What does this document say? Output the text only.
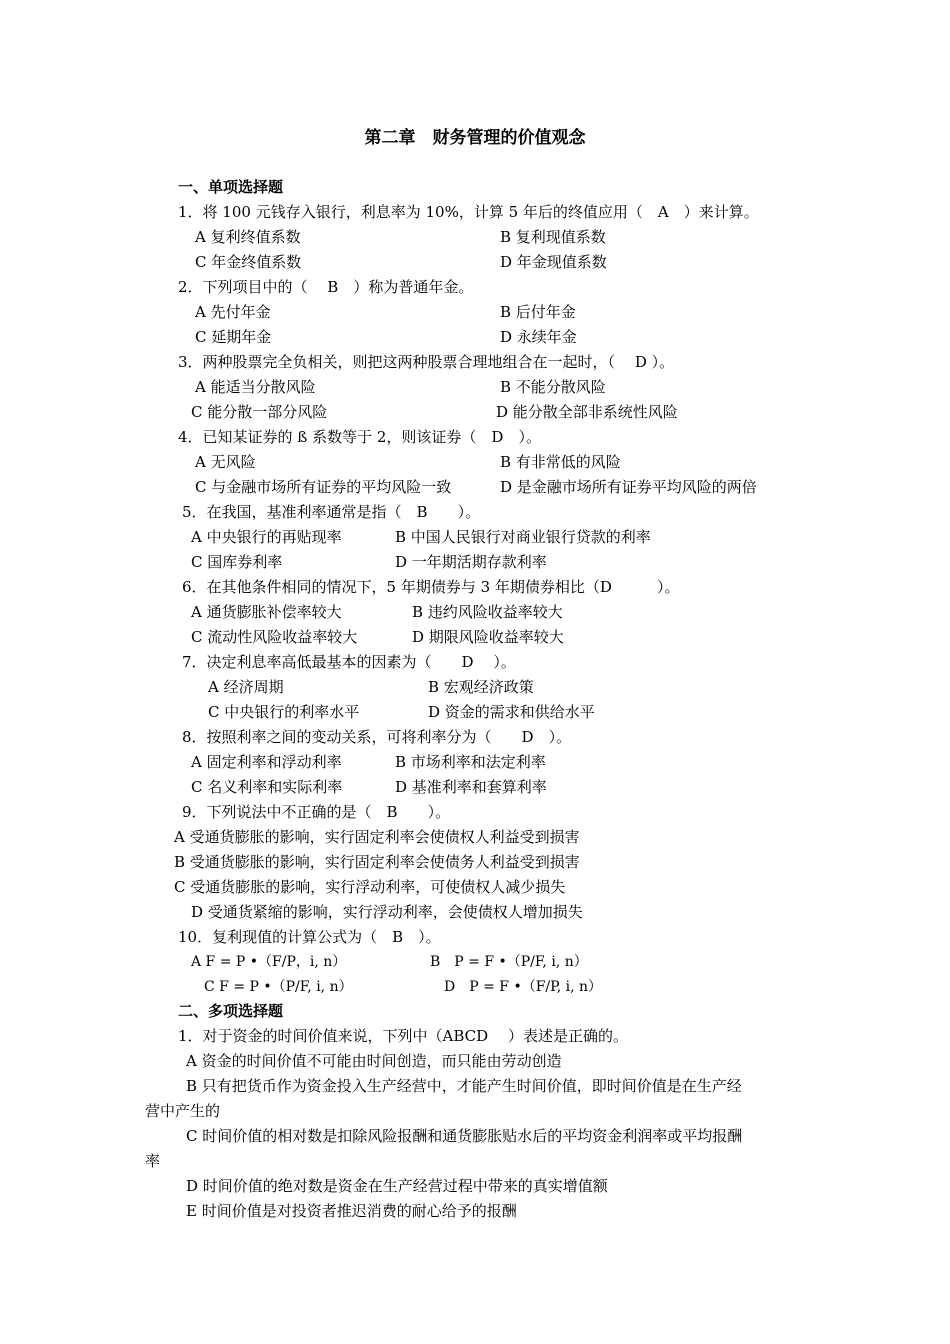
第二章　财务管理的价值观念
一、单项选择题
1．将 100 元钱存入银行，利息率为 10%，计算 5 年后的终值应用（　A　）来计算。
A 复利终值系数	B 复利现值系数
C 年金终值系数	D 年金现值系数
2．下列项目中的（　 B　）称为普通年金。
A 先付年金	B 后付年金
C 延期年金	D 永续年金
3．两种股票完全负相关，则把这两种股票合理地组合在一起时，（　 D ）。
A 能适当分散风险	B 不能分散风险
C 能分散一部分风险	D 能分散全部非系统性风险
4．已知某证券的 ß 系数等于 2，则该证券（　D　）。
A 无风险	B 有非常低的风险
C 与金融市场所有证券的平均风险一致	D 是金融市场所有证券平均风险的两倍
5．在我国，基准利率通常是指（　B　　）。
A 中央银行的再贴现率	B 中国人民银行对商业银行贷款的利率
C 国库券利率	D 一年期活期存款利率
6．在其他条件相同的情况下，5 年期债券与 3 年期债券相比（D　　　）。
A 通货膨胀补偿率较大	B 违约风险收益率较大
C 流动性风险收益率较大	D 期限风险收益率较大
7．决定利息率高低最基本的因素为（　　D　 ）。
A 经济周期	B 宏观经济政策
C 中央银行的利率水平	D 资金的需求和供给水平
8．按照利率之间的变动关系，可将利率分为（　　D　）。
A 固定利率和浮动利率	B 市场利率和法定利率
C 名义利率和实际利率	D 基准利率和套算利率
9．下列说法中不正确的是（　B　　）。
A 受通货膨胀的影响，实行固定利率会使债权人利益受到损害
B 受通货膨胀的影响，实行固定利率会使债务人利益受到损害
C 受通货膨胀的影响，实行浮动利率，可使债权人减少损失
D 受通货紧缩的影响，实行浮动利率，会使债权人增加损失
10．复利现值的计算公式为（　B　）。
A F = P •（F/P，i, n）	B　P = F •（P/F, i, n）
C F = P •（P/F, i, n）	D　P = F •（F/P, i, n）
二、多项选择题
1．对于资金的时间价值来说，下列中（ABCD　 ）表述是正确的。
A 资金的时间价值不可能由时间创造，而只能由劳动创造
B 只有把货币作为资金投入生产经营中，才能产生时间价值，即时间价值是在生产经
营中产生的
C 时间价值的相对数是扣除风险报酬和通货膨胀贴水后的平均资金利润率或平均报酬
率
D 时间价值的绝对数是资金在生产经营过程中带来的真实增值额
E 时间价值是对投资者推迟消费的耐心给予的报酬
